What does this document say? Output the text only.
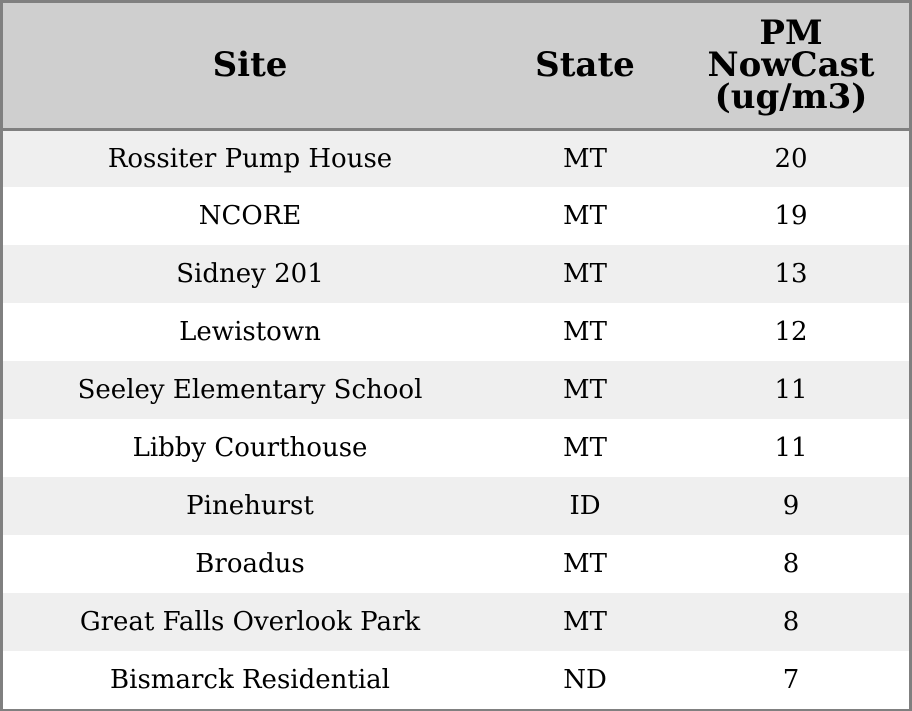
Site	State	PM
NowCast
(ug/m3)

Rossiter Pump House	MT	20
NCORE	MT	19
Sidney 201	MT	13
Lewistown	MT	12
Seeley Elementary School	MT	11
Libby Courthouse	MT	11
Pinehurst	ID	9
Broadus	MT	8
Great Falls Overlook Park	MT	8
Bismarck Residential	ND	7
